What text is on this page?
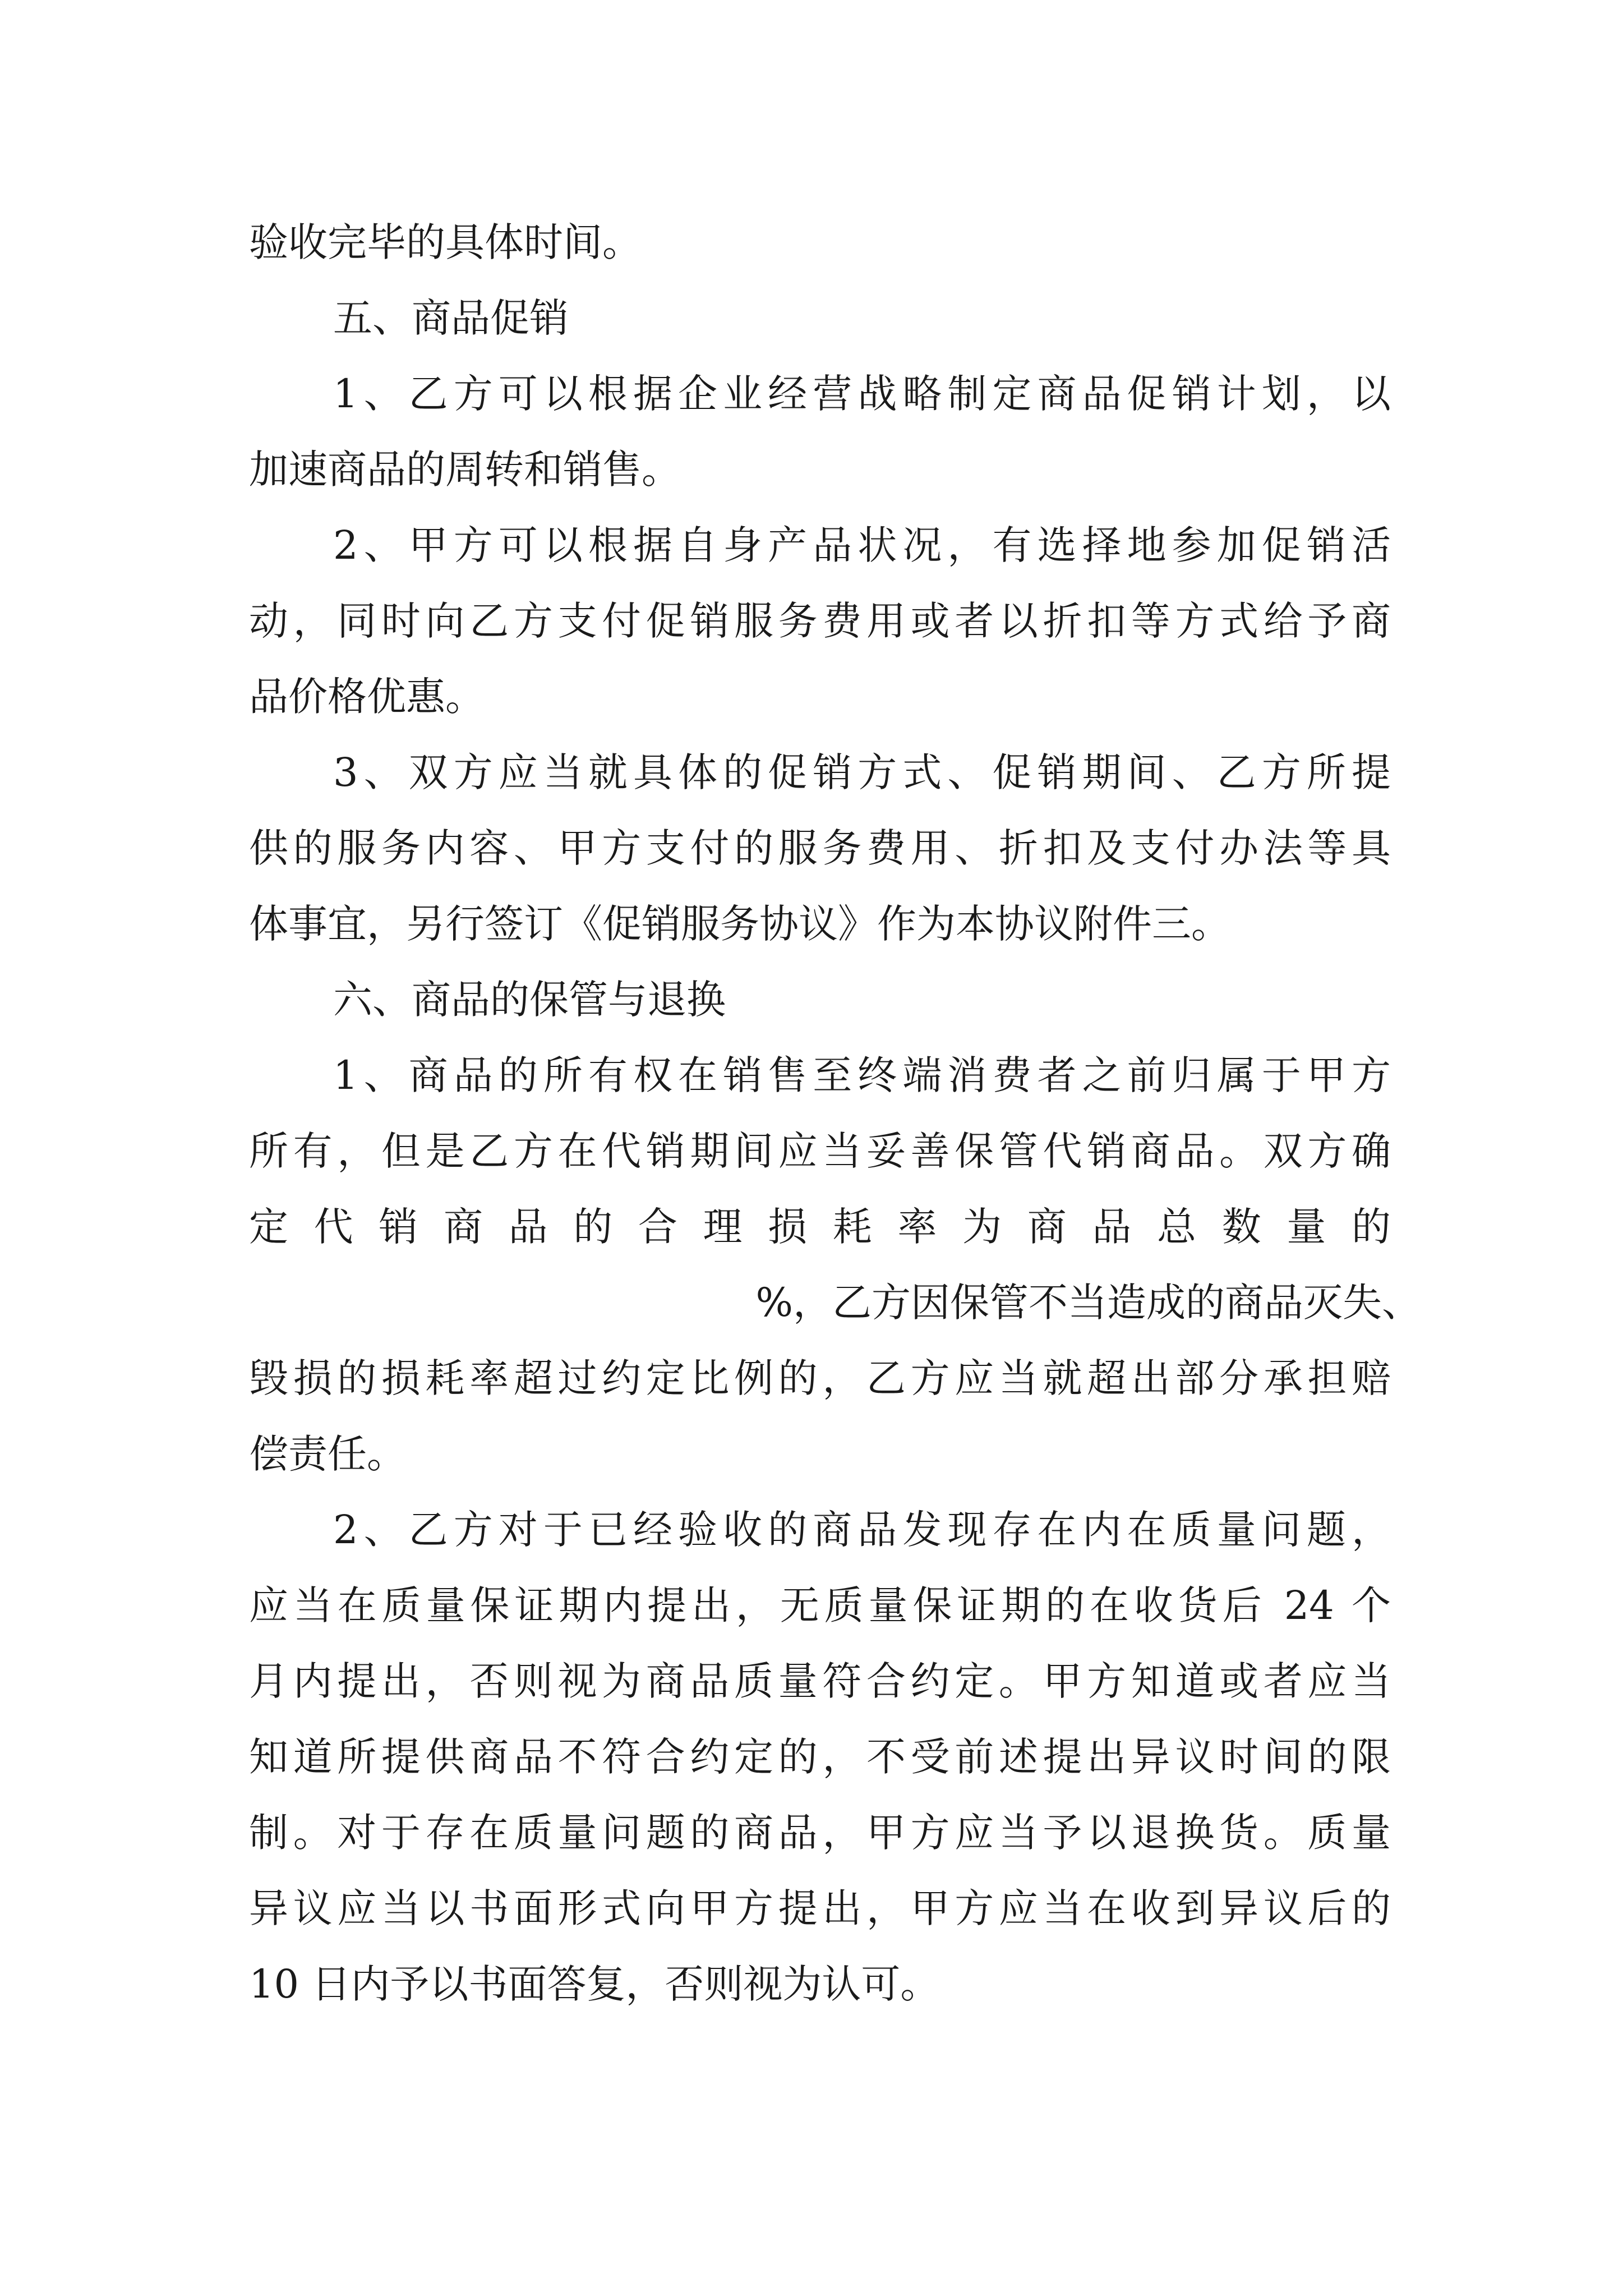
验收完毕的具体时间。
五、商品促销
1、乙方可以根据企业经营战略制定商品促销计划，以
加速商品的周转和销售。
2、甲方可以根据自身产品状况，有选择地参加促销活
动，同时向乙方支付促销服务费用或者以折扣等方式给予商
品价格优惠。
3、双方应当就具体的促销方式、促销期间、乙方所提
供的服务内容、甲方支付的服务费用、折扣及支付办法等具
体事宜，另行签订《促销服务协议》作为本协议附件三。
六、商品的保管与退换
1、商品的所有权在销售至终端消费者之前归属于甲方
所有，但是乙方在代销期间应当妥善保管代销商品。双方确
定代销商品的合理损耗率为商品总数量的
%，乙方因保管不当造成的商品灭失、
毁损的损耗率超过约定比例的，乙方应当就超出部分承担赔
偿责任。
2、乙方对于已经验收的商品发现存在内在质量问题，
应当在质量保证期内提出，无质量保证期的在收货后 24 个
月内提出，否则视为商品质量符合约定。甲方知道或者应当
知道所提供商品不符合约定的，不受前述提出异议时间的限
制。对于存在质量问题的商品，甲方应当予以退换货。质量
异议应当以书面形式向甲方提出，甲方应当在收到异议后的
10 日内予以书面答复，否则视为认可。
